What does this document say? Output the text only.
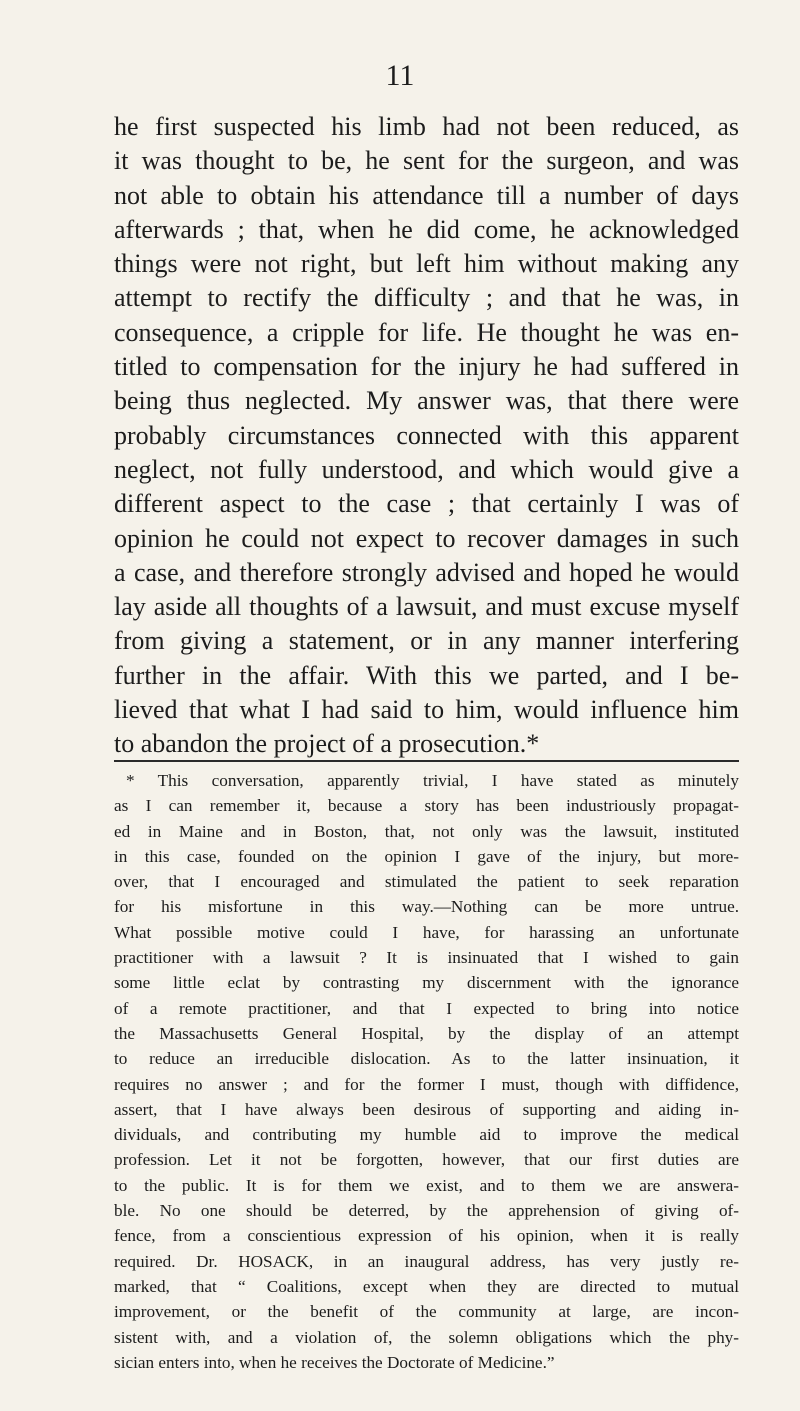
11
he first suspected his limb had not been reduced, as
it was thought to be, he sent for the surgeon, and was
not able to obtain his attendance till a number of days
afterwards ; that, when he did come, he acknowledged
things were not right, but left him without making any
attempt to rectify the difficulty ; and that he was, in
consequence, a cripple for life. He thought he was en-
titled to compensation for the injury he had suffered in
being thus neglected. My answer was, that there were
probably circumstances connected with this apparent
neglect, not fully understood, and which would give a
different aspect to the case ; that certainly I was of
opinion he could not expect to recover damages in such
a case, and therefore strongly advised and hoped he would
lay aside all thoughts of a lawsuit, and must excuse myself
from giving a statement, or in any manner interfering
further in the affair. With this we parted, and I be-
lieved that what I had said to him, would influence him
to abandon the project of a prosecution.*
* This conversation, apparently trivial, I have stated as minutely
as I can remember it, because a story has been industriously propagat-
ed in Maine and in Boston, that, not only was the lawsuit, instituted
in this case, founded on the opinion I gave of the injury, but more-
over, that I encouraged and stimulated the patient to seek reparation
for his misfortune in this way.—Nothing can be more untrue.
What possible motive could I have, for harassing an unfortunate
practitioner with a lawsuit ? It is insinuated that I wished to gain
some little eclat by contrasting my discernment with the ignorance
of a remote practitioner, and that I expected to bring into notice
the Massachusetts General Hospital, by the display of an attempt
to reduce an irreducible dislocation. As to the latter insinuation, it
requires no answer ; and for the former I must, though with diffidence,
assert, that I have always been desirous of supporting and aiding in-
dividuals, and contributing my humble aid to improve the medical
profession. Let it not be forgotten, however, that our first duties are
to the public. It is for them we exist, and to them we are answera-
ble. No one should be deterred, by the apprehension of giving of-
fence, from a conscientious expression of his opinion, when it is really
required. Dr. HOSACK, in an inaugural address, has very justly re-
marked, that “ Coalitions, except when they are directed to mutual
improvement, or the benefit of the community at large, are incon-
sistent with, and a violation of, the solemn obligations which the phy-
sician enters into, when he receives the Doctorate of Medicine.”
